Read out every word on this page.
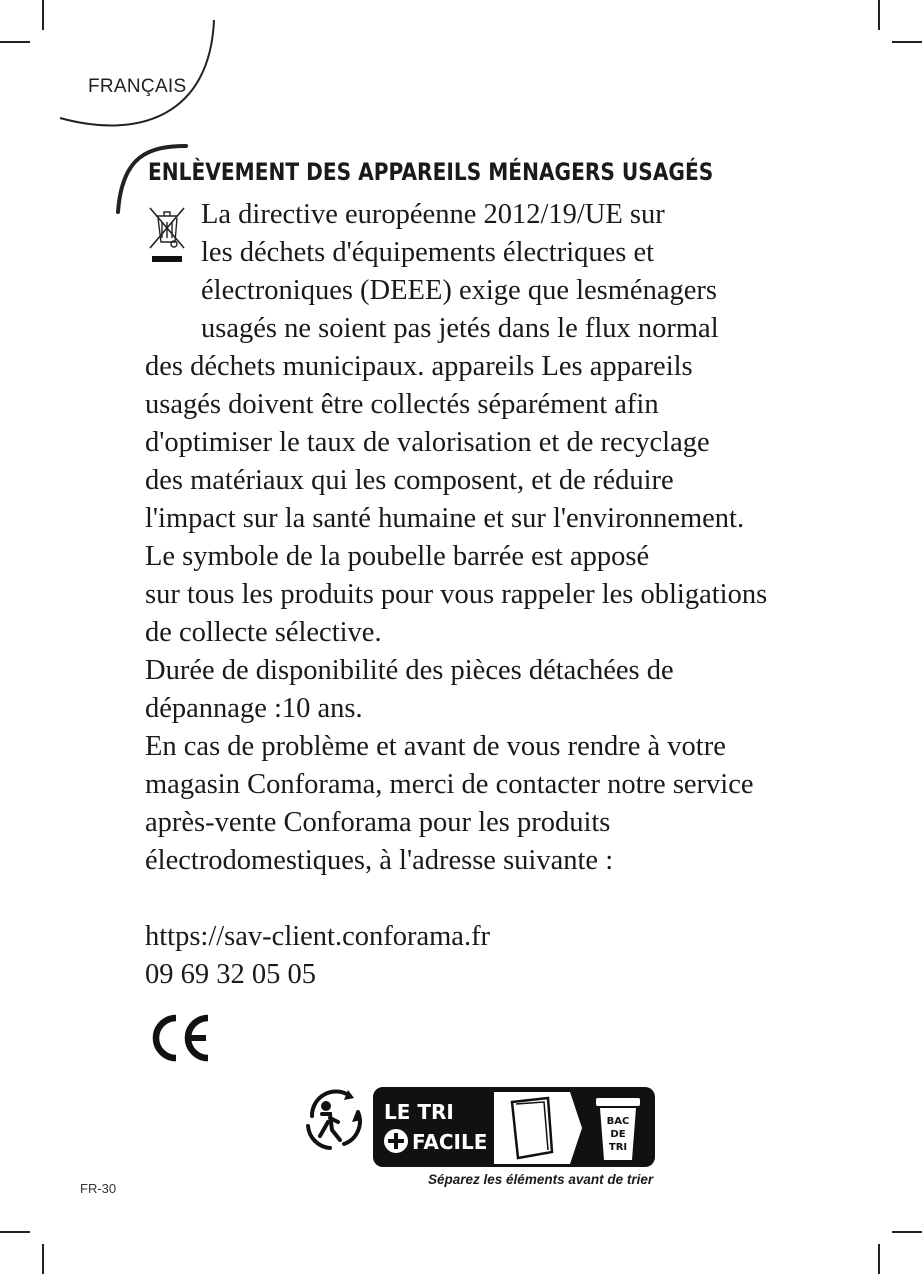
FRANÇAIS
ENLÈVEMENT DES APPAREILS MÉNAGERS USAGÉS
La directive européenne 2012/19/UE sur
les déchets d'équipements électriques et
électroniques (DEEE) exige que lesménagers
usagés ne soient pas jetés dans le flux normal
des déchets municipaux. appareils Les appareils
usagés doivent être collectés séparément afin
d'optimiser le taux de valorisation et de recyclage
des matériaux qui les composent, et de réduire
l'impact sur la santé humaine et sur l'environnement.
Le symbole de la poubelle barrée est apposé
sur tous les produits pour vous rappeler les obligations
de collecte sélective.
Durée de disponibilité des pièces détachées de
dépannage :10 ans.
En cas de problème et avant de vous rendre à votre
magasin Conforama, merci de contacter notre service
après-vente Conforama pour les produits
électrodomestiques, à l'adresse suivante :
https://sav-client.conforama.fr
09 69 32 05 05
LE TRI
FACILE
BAC
DE
TRI
Séparez les éléments avant de trier
FR-30
